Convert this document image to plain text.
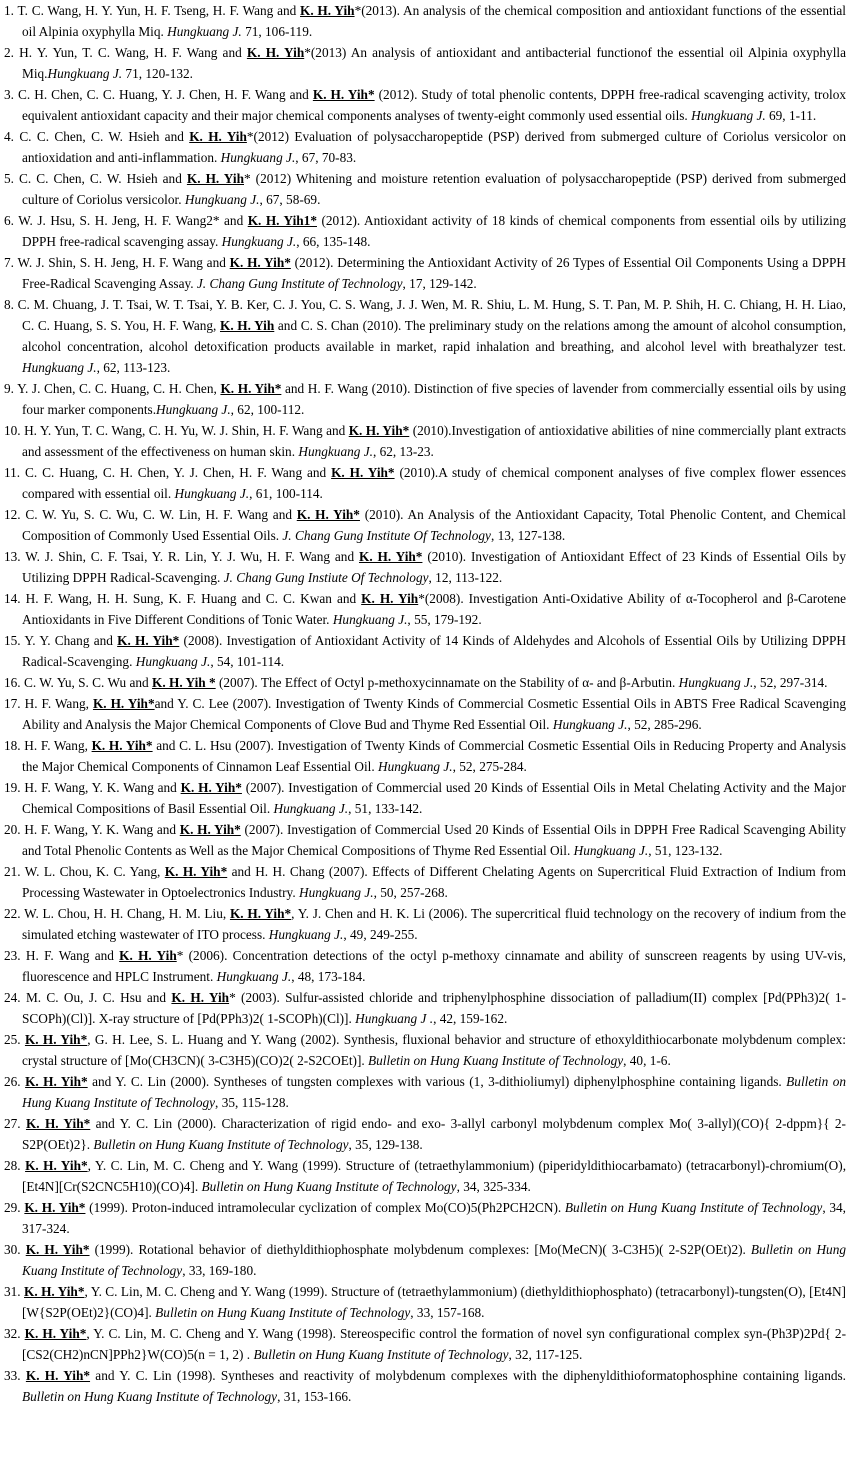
1. T. C. Wang, H. Y. Yun, H. F. Tseng, H. F. Wang and K. H. Yih*(2013). An analysis of the chemical composition and antioxidant functions of the essential oil Alpinia oxyphylla Miq. Hungkuang J. 71, 106-119.

2. H. Y. Yun, T. C. Wang, H. F. Wang and K. H. Yih*(2013) An analysis of antioxidant and antibacterial functionof the essential oil Alpinia oxyphylla Miq.Hungkuang J. 71, 120-132.

3. C. H. Chen, C. C. Huang, Y. J. Chen, H. F. Wang and K. H. Yih* (2012). Study of total phenolic contents, DPPH free-radical scavenging activity, trolox equivalent antioxidant capacity and their major chemical components analyses of twenty-eight commonly used essential oils. Hungkuang J. 69, 1-11.

4. C. C. Chen, C. W. Hsieh and K. H. Yih*(2012) Evaluation of polysaccharopeptide (PSP) derived from submerged culture of Coriolus versicolor on antioxidation and anti-inflammation. Hungkuang J., 67, 70-83.

5. C. C. Chen, C. W. Hsieh and K. H. Yih* (2012) Whitening and moisture retention evaluation of polysaccharopeptide (PSP) derived from submerged culture of Coriolus versicolor. Hungkuang J., 67, 58-69.

6. W. J. Hsu, S. H. Jeng, H. F. Wang2* and K. H. Yih1* (2012). Antioxidant activity of 18 kinds of chemical components from essential oils by utilizing DPPH free-radical scavenging assay. Hungkuang J., 66, 135-148.

7. W. J. Shin, S. H. Jeng, H. F. Wang and K. H. Yih* (2012). Determining the Antioxidant Activity of 26 Types of Essential Oil Components Using a DPPH Free-Radical Scavenging Assay. J. Chang Gung Institute of Technology, 17, 129-142.

8. C. M. Chuang, J. T. Tsai, W. T. Tsai, Y. B. Ker, C. J. You, C. S. Wang, J. J. Wen, M. R. Shiu, L. M. Hung, S. T. Pan, M. P. Shih, H. C. Chiang, H. H. Liao, C. C. Huang, S. S. You, H. F. Wang, K. H. Yih and C. S. Chan (2010). The preliminary study on the relations among the amount of alcohol consumption, alcohol concentration, alcohol detoxification products available in market, rapid inhalation and breathing, and alcohol level with breathalyzer test. Hungkuang J., 62, 113-123.

9. Y. J. Chen, C. C. Huang, C. H. Chen, K. H. Yih* and H. F. Wang (2010). Distinction of five species of lavender from commercially essential oils by using four marker components.Hungkuang J., 62, 100-112.

10. H. Y. Yun, T. C. Wang, C. H. Yu, W. J. Shin, H. F. Wang and K. H. Yih* (2010).Investigation of antioxidative abilities of nine commercially plant extracts and assessment of the effectiveness on human skin. Hungkuang J., 62, 13-23.

11. C. C. Huang, C. H. Chen, Y. J. Chen, H. F. Wang and K. H. Yih* (2010).A study of chemical component analyses of five complex flower essences compared with essential oil. Hungkuang J., 61, 100-114.

12. C. W. Yu, S. C. Wu, C. W. Lin, H. F. Wang and K. H. Yih* (2010). An Analysis of the Antioxidant Capacity, Total Phenolic Content, and Chemical Composition of Commonly Used Essential Oils. J. Chang Gung Institute Of Technology, 13, 127-138.

13. W. J. Shin, C. F. Tsai, Y. R. Lin, Y. J. Wu, H. F. Wang and K. H. Yih* (2010). Investigation of Antioxidant Effect of 23 Kinds of Essential Oils by Utilizing DPPH Radical-Scavenging. J. Chang Gung Instiute Of Technology, 12, 113-122.

14. H. F. Wang, H. H. Sung, K. F. Huang and C. C. Kwan and K. H. Yih*(2008). Investigation Anti-Oxidative Ability of α-Tocopherol and β-Carotene Antioxidants in Five Different Conditions of Tonic Water. Hungkuang J., 55, 179-192.

15. Y. Y. Chang and K. H. Yih* (2008). Investigation of Antioxidant Activity of 14 Kinds of Aldehydes and Alcohols of Essential Oils by Utilizing DPPH Radical-Scavenging. Hungkuang J., 54, 101-114.

16. C. W. Yu, S. C. Wu and K. H. Yih * (2007). The Effect of Octyl p-methoxycinnamate on the Stability of α- and β-Arbutin. Hungkuang J., 52, 297-314.

17. H. F. Wang, K. H. Yih*and Y. C. Lee (2007). Investigation of Twenty Kinds of Commercial Cosmetic Essential Oils in ABTS Free Radical Scavenging Ability and Analysis the Major Chemical Components of Clove Bud and Thyme Red Essential Oil. Hungkuang J., 52, 285-296.

18. H. F. Wang, K. H. Yih* and C. L. Hsu (2007). Investigation of Twenty Kinds of Commercial Cosmetic Essential Oils in Reducing Property and Analysis the Major Chemical Components of Cinnamon Leaf Essential Oil. Hungkuang J., 52, 275-284.

19. H. F. Wang, Y. K. Wang and K. H. Yih* (2007). Investigation of Commercial used 20 Kinds of Essential Oils in Metal Chelating Activity and the Major Chemical Compositions of Basil Essential Oil. Hungkuang J., 51, 133-142.

20. H. F. Wang, Y. K. Wang and K. H. Yih* (2007). Investigation of Commercial Used 20 Kinds of Essential Oils in DPPH Free Radical Scavenging Ability and Total Phenolic Contents as Well as the Major Chemical Compositions of Thyme Red Essential Oil. Hungkuang J., 51, 123-132.

21. W. L. Chou, K. C. Yang, K. H. Yih* and H. H. Chang (2007). Effects of Different Chelating Agents on Supercritical Fluid Extraction of Indium from Processing Wastewater in Optoelectronics Industry. Hungkuang J., 50, 257-268.

22. W. L. Chou, H. H. Chang, H. M. Liu, K. H. Yih*, Y. J. Chen and H. K. Li (2006). The supercritical fluid technology on the recovery of indium from the simulated etching wastewater of ITO process. Hungkuang J., 49, 249-255.

23. H. F. Wang and K. H. Yih* (2006). Concentration detections of the octyl p-methoxy cinnamate and ability of sunscreen reagents by using UV-vis, fluorescence and HPLC Instrument. Hungkuang J., 48, 173-184.

24. M. C. Ou, J. C. Hsu and K. H. Yih* (2003). Sulfur-assisted chloride and triphenylphosphine dissociation of palladium(II) complex [Pd(PPh3)2( 1-SCOPh)(Cl)]. X-ray structure of [Pd(PPh3)2( 1-SCOPh)(Cl)]. Hungkuang J ., 42, 159-162.

25. K. H. Yih*, G. H. Lee, S. L. Huang and Y. Wang (2002). Synthesis, fluxional behavior and structure of ethoxyldithiocarbonate molybdenum complex: crystal structure of [Mo(CH3CN)( 3-C3H5)(CO)2( 2-S2COEt)]. Bulletin on Hung Kuang Institute of Technology, 40, 1-6.

26. K. H. Yih* and Y. C. Lin (2000). Syntheses of tungsten complexes with various (1, 3-dithioliumyl) diphenylphosphine containing ligands. Bulletin on Hung Kuang Institute of Technology, 35, 115-128.

27. K. H. Yih* and Y. C. Lin (2000). Characterization of rigid endo- and exo- 3-allyl carbonyl molybdenum complex Mo( 3-allyl)(CO){ 2-dppm}{ 2-S2P(OEt)2}. Bulletin on Hung Kuang Institute of Technology, 35, 129-138.

28. K. H. Yih*, Y. C. Lin, M. C. Cheng and Y. Wang (1999). Structure of (tetraethylammonium) (piperidyldithiocarbamato) (tetracarbonyl)-chromium(O), [Et4N][Cr(S2CNC5H10)(CO)4]. Bulletin on Hung Kuang Institute of Technology, 34, 325-334.

29. K. H. Yih* (1999). Proton-induced intramolecular cyclization of complex Mo(CO)5(Ph2PCH2CN). Bulletin on Hung Kuang Institute of Technology, 34, 317-324.

30. K. H. Yih* (1999). Rotational behavior of diethyldithiophosphate molybdenum complexes: [Mo(MeCN)( 3-C3H5)( 2-S2P(OEt)2). Bulletin on Hung Kuang Institute of Technology, 33, 169-180.

31. K. H. Yih*, Y. C. Lin, M. C. Cheng and Y. Wang (1999). Structure of (tetraethylammonium) (diethyldithiophosphato) (tetracarbonyl)-tungsten(O), [Et4N][W{S2P(OEt)2}(CO)4]. Bulletin on Hung Kuang Institute of Technology, 33, 157-168.

32. K. H. Yih*, Y. C. Lin, M. C. Cheng and Y. Wang (1998). Stereospecific control the formation of novel syn configurational complex syn-(Ph3P)2Pd{ 2-[CS2(CH2)nCN]PPh2}W(CO)5(n = 1, 2) . Bulletin on Hung Kuang Institute of Technology, 32, 117-125.

33. K. H. Yih* and Y. C. Lin (1998). Syntheses and reactivity of molybdenum complexes with the diphenyldithioformatophosphine containing ligands. Bulletin on Hung Kuang Institute of Technology, 31, 153-166.
